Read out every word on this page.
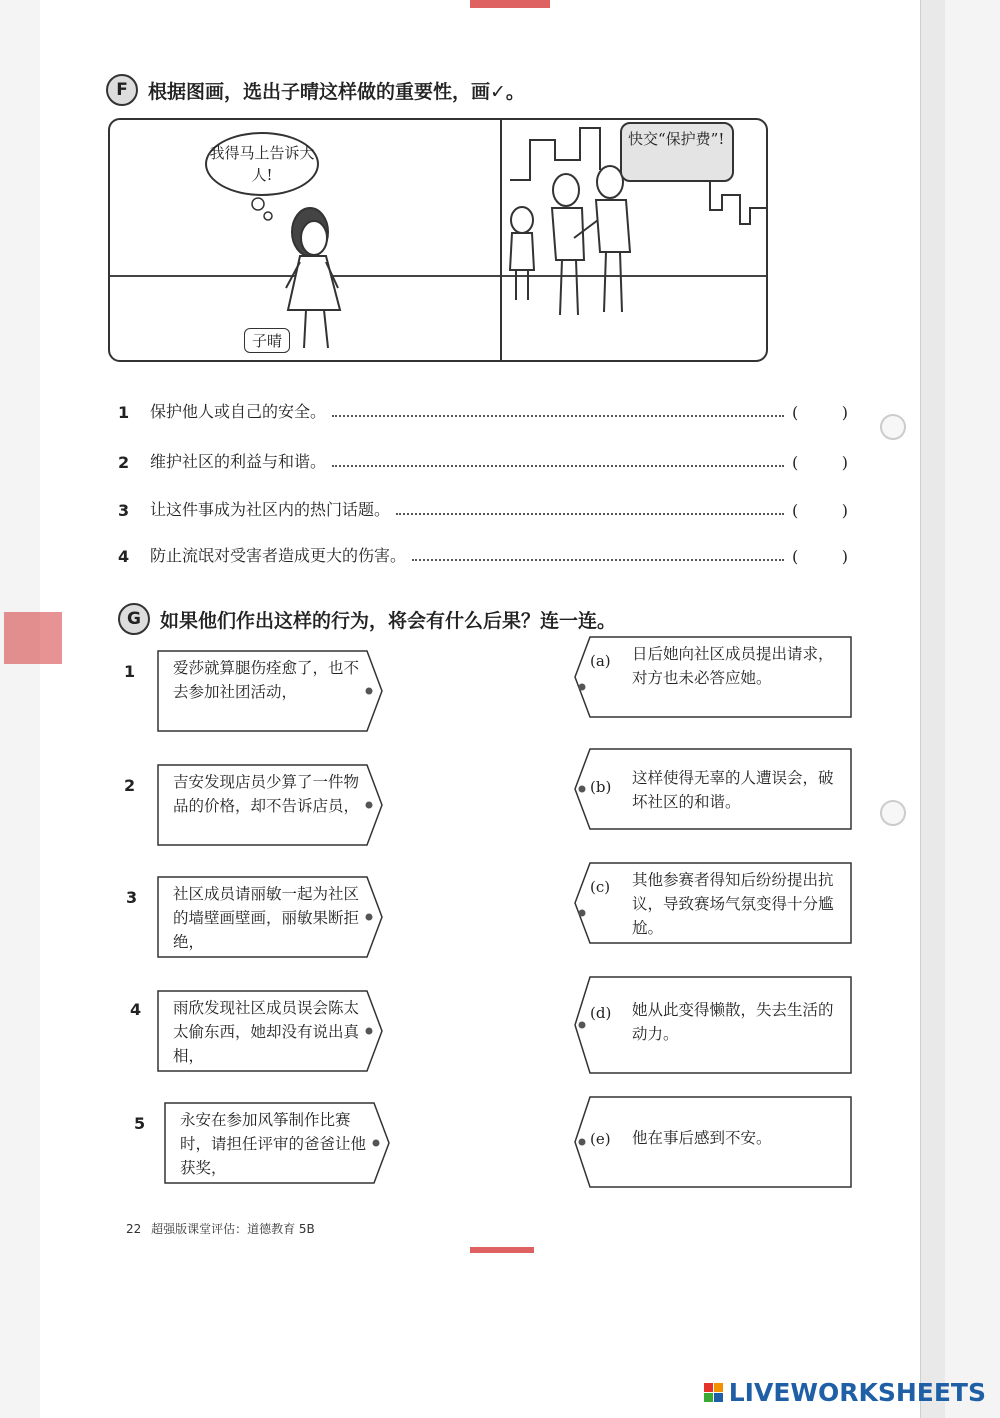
F	根据图画，选出子晴这样做的重要性，画✓。
我得马上告诉大人!
快交“保护费”!
子晴
1	保护他人或自己的安全。	(	)
2	维护社区的利益与和谐。	(	)
3	让这件事成为社区内的热门话题。	(	)
4	防止流氓对受害者造成更大的伤害。	(	)
G	如果他们作出这样的行为，将会有什么后果？连一连。
1 爱莎就算腿伤痊愈了，也不去参加社团活动，
2 吉安发现店员少算了一件物品的价格，却不告诉店员，
3 社区成员请丽敏一起为社区的墙壁画壁画，丽敏果断拒绝，
4 雨欣发现社区成员误会陈太太偷东西，她却没有说出真相，
5 永安在参加风筝制作比赛时，请担任评审的爸爸让他获奖，
(a) 日后她向社区成员提出请求，对方也未必答应她。
(b) 这样使得无辜的人遭误会，破坏社区的和谐。
(c) 其他参赛者得知后纷纷提出抗议，导致赛场气氛变得十分尴尬。
(d) 她从此变得懒散，失去生活的动力。
(e) 他在事后感到不安。
22 超强版课堂评估：道德教育 5B
LIVEWORKSHEETS
